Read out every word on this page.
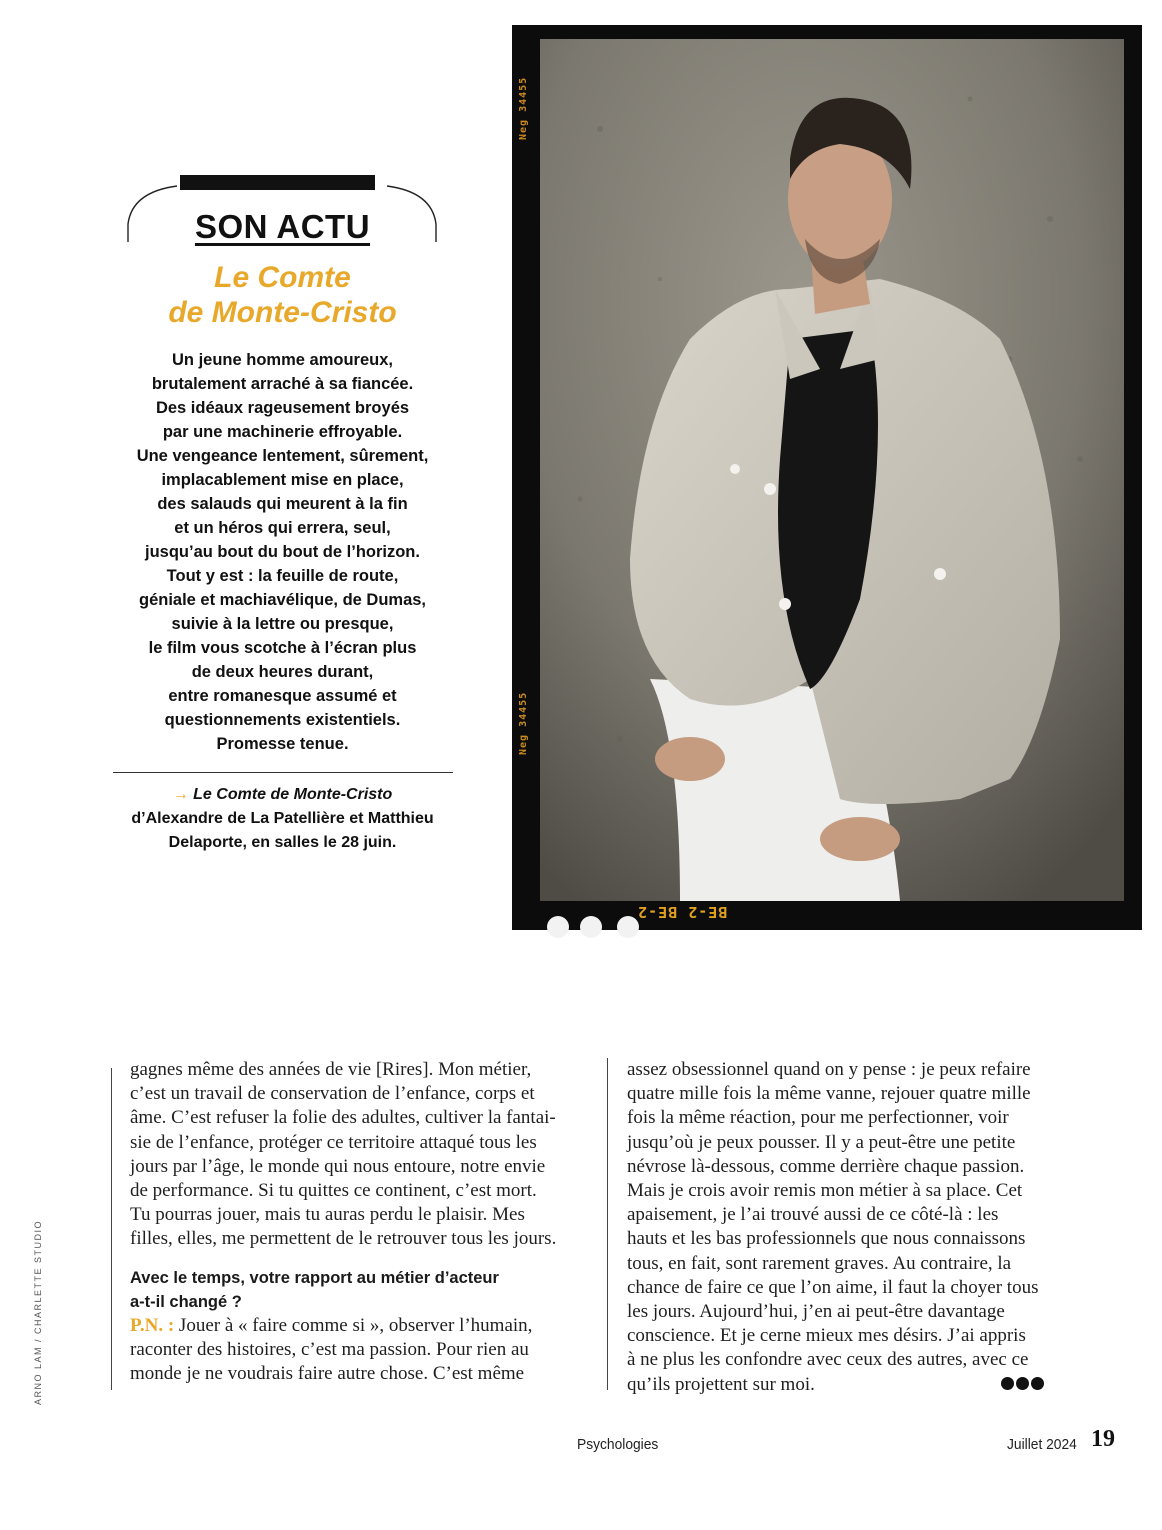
SON ACTU
Le Comte
de Monte-Cristo
Un jeune homme amoureux,
brutalement arraché à sa fiancée.
Des idéaux rageusement broyés
par une machinerie effroyable.
Une vengeance lentement, sûrement,
implacablement mise en place,
des salauds qui meurent à la fin
et un héros qui errera, seul,
jusqu’au bout du bout de l’horizon.
Tout y est : la feuille de route,
géniale et machiavélique, de Dumas,
suivie à la lettre ou presque,
le film vous scotche à l’écran plus
de deux heures durant,
entre romanesque assumé et
questionnements existentiels.
Promesse tenue.
→ Le Comte de Monte-Cristo
d’Alexandre de La Patellière et Matthieu
Delaporte, en salles le 28 juin.
Neg 34455
Neg 34455
BE-2 BE-2
ARNO LAM / CHARLETTE STUDIO

gagnes même des années de vie [Rires]. Mon métier,
c’est un travail de conservation de l’enfance, corps et
âme. C’est refuser la folie des adultes, cultiver la fantai-
sie de l’enfance, protéger ce territoire attaqué tous les
jours par l’âge, le monde qui nous entoure, notre envie
de performance. Si tu quittes ce continent, c’est mort.
Tu pourras jouer, mais tu auras perdu le plaisir. Mes
filles, elles, me permettent de le retrouver tous les jours.

Avec le temps, votre rapport au métier d’acteur
a-t-il changé ?

P.N. : Jouer à « faire comme si », observer l’humain,
raconter des histoires, c’est ma passion. Pour rien au
monde je ne voudrais faire autre chose. C’est même

assez obsessionnel quand on y pense : je peux refaire
quatre mille fois la même vanne, rejouer quatre mille
fois la même réaction, pour me perfectionner, voir
jusqu’où je peux pousser. Il y a peut-être une petite
névrose là-dessous, comme derrière chaque passion.
Mais je crois avoir remis mon métier à sa place. Cet
apaisement, je l’ai trouvé aussi de ce côté-là : les
hauts et les bas professionnels que nous connaissons
tous, en fait, sont rarement graves. Au contraire, la
chance de faire ce que l’on aime, il faut la choyer tous
les jours. Aujourd’hui, j’en ai peut-être davantage
conscience. Et je cerne mieux mes désirs. J’ai appris
à ne plus les confondre avec ceux des autres, avec ce

qu’ils projettent sur moi.

Psychologies	Juillet 2024 19
